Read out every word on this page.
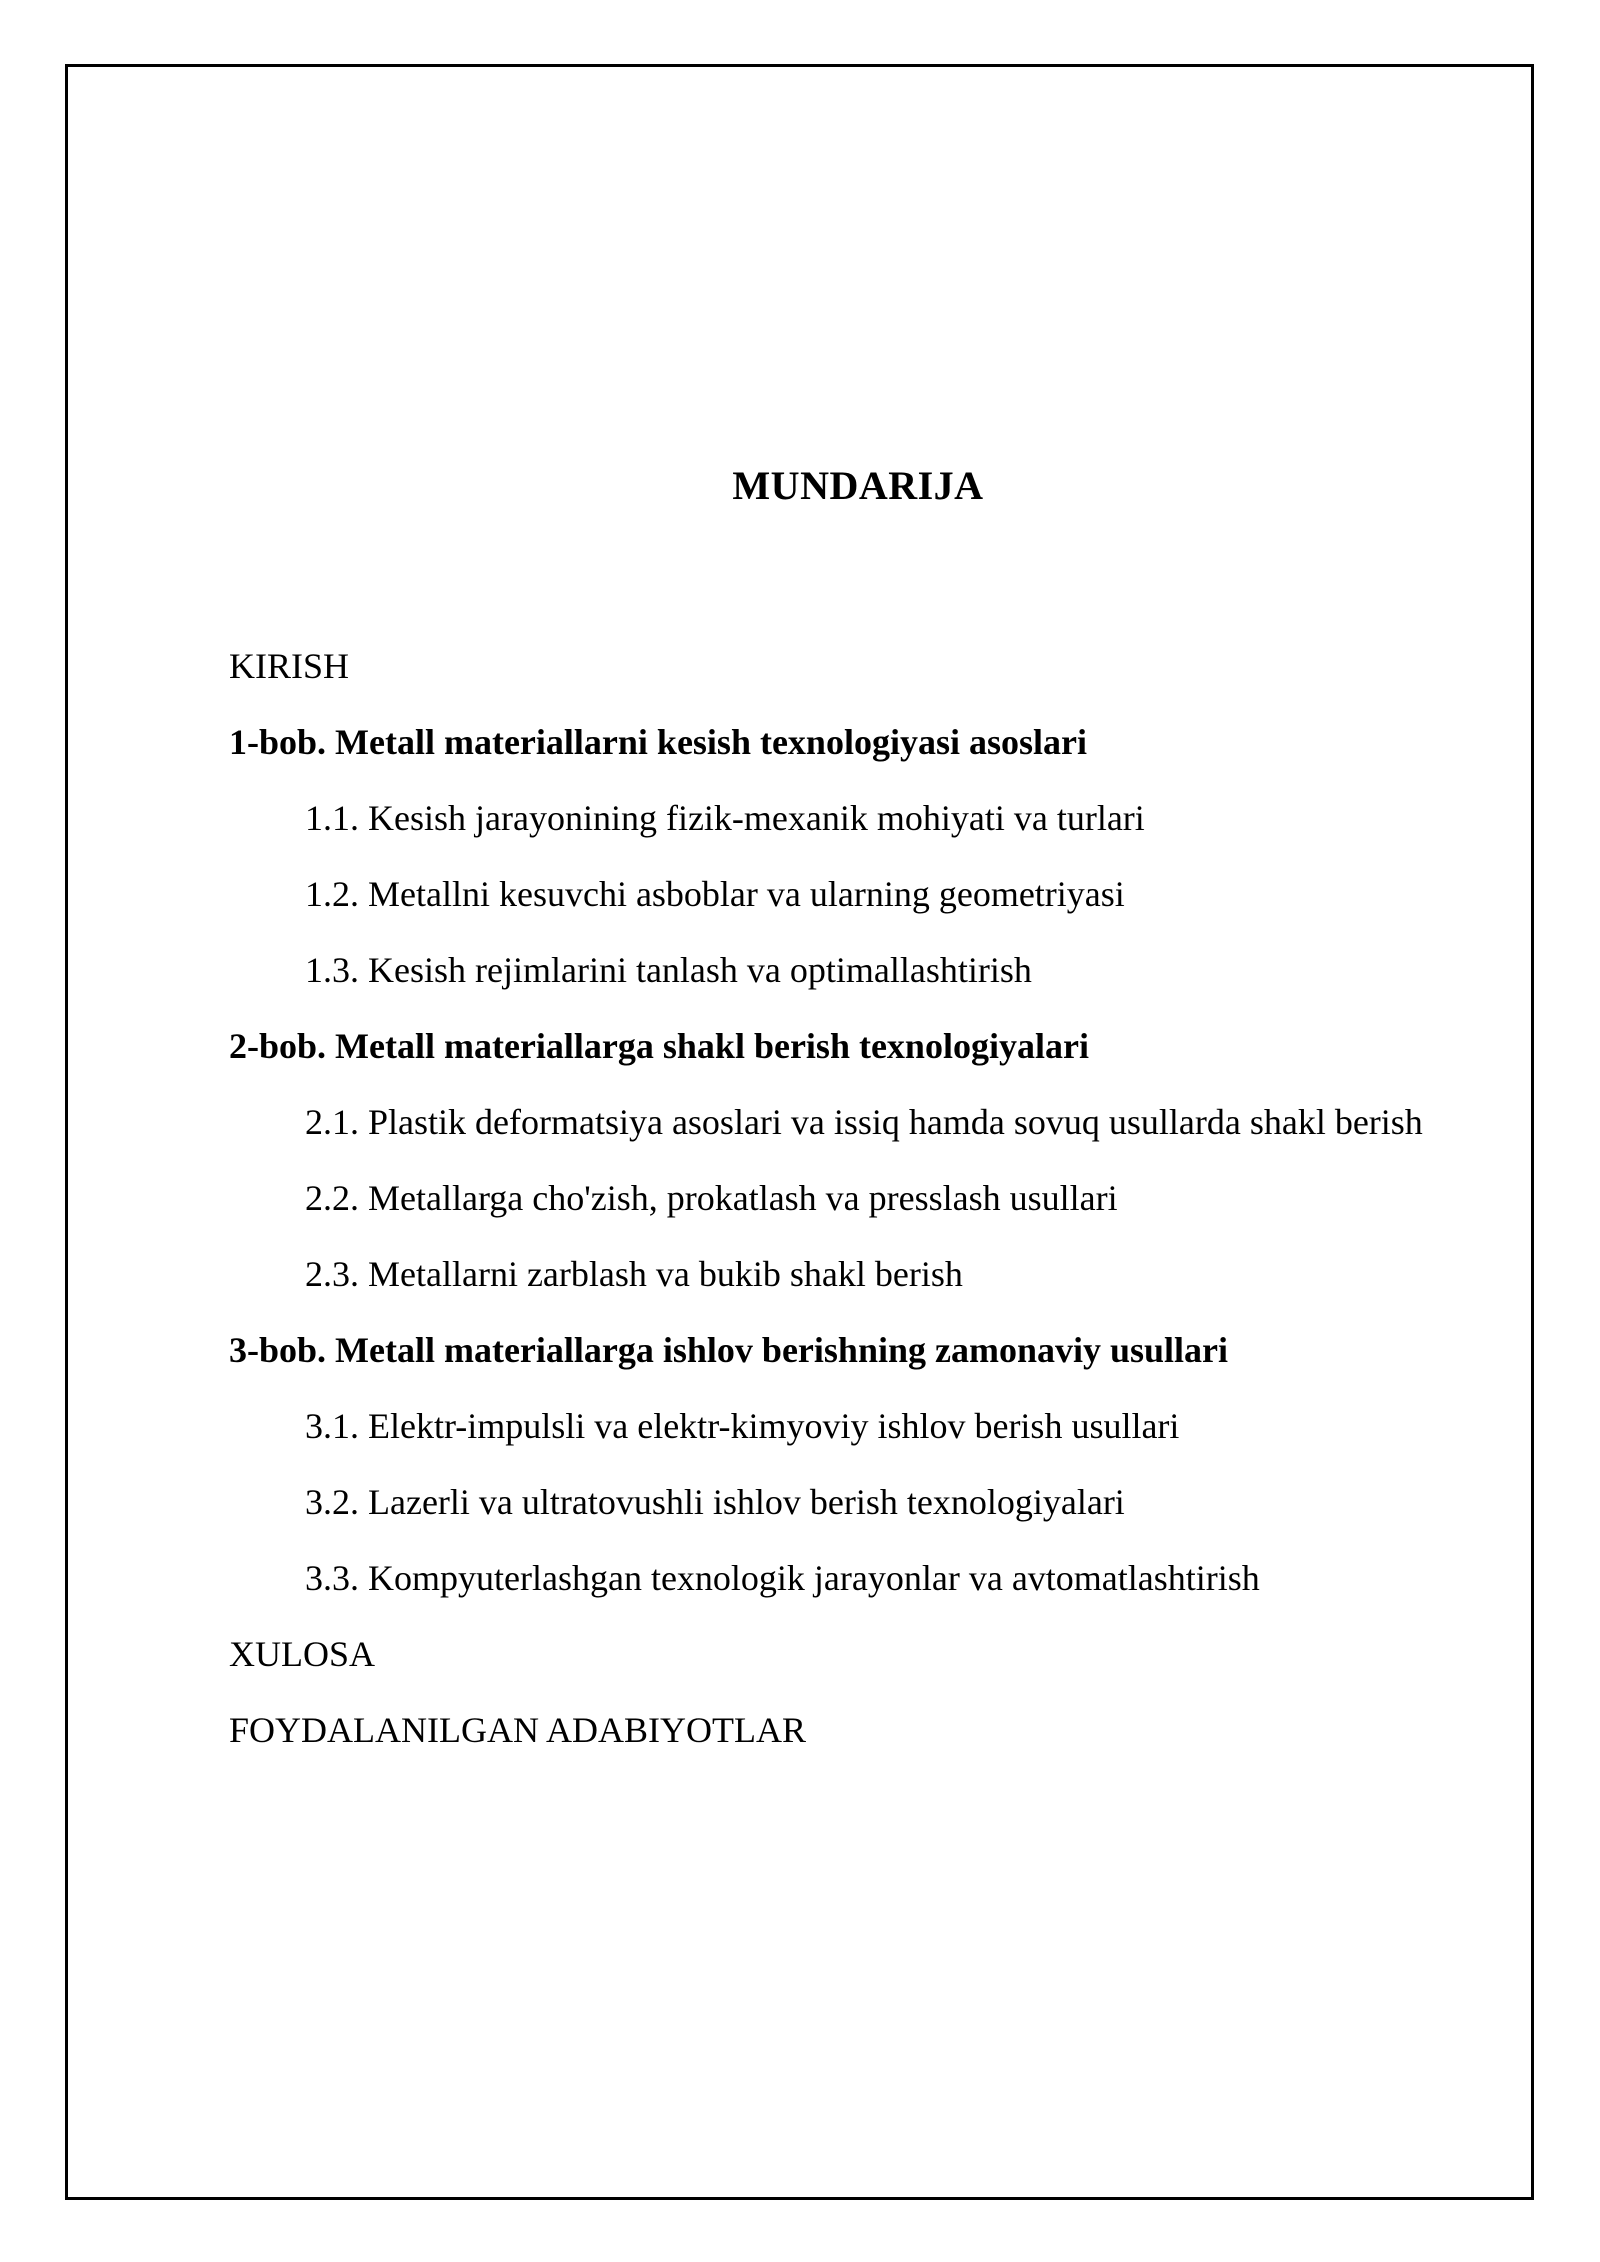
MUNDARIJA
KIRISH
1-bob. Metall materiallarni kesish texnologiyasi asoslari
1.1. Kesish jarayonining fizik-mexanik mohiyati va turlari
1.2. Metallni kesuvchi asboblar va ularning geometriyasi
1.3. Kesish rejimlarini tanlash va optimallashtirish
2-bob. Metall materiallarga shakl berish texnologiyalari
2.1. Plastik deformatsiya asoslari va issiq hamda sovuq usullarda shakl berish
2.2. Metallarga cho'zish, prokatlash va presslash usullari
2.3. Metallarni zarblash va bukib shakl berish
3-bob. Metall materiallarga ishlov berishning zamonaviy usullari
3.1. Elektr-impulsli va elektr-kimyoviy ishlov berish usullari
3.2. Lazerli va ultratovushli ishlov berish texnologiyalari
3.3. Kompyuterlashgan texnologik jarayonlar va avtomatlashtirish
XULOSA
FOYDALANILGAN ADABIYOTLAR
